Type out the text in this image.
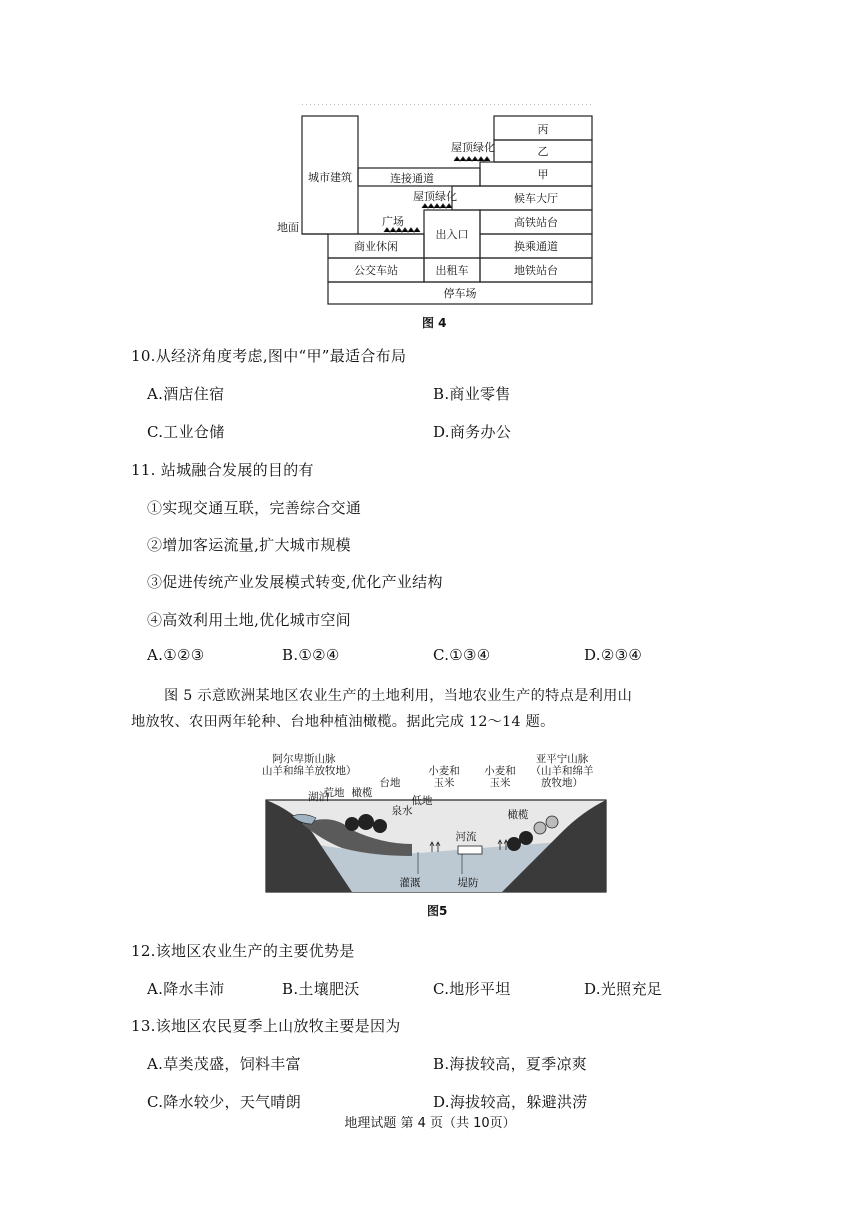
丙
乙
甲
城市建筑	连接通道
屋顶绿化
屋顶绿化	候车大厅
地面	广场	高铁站台
出入口
商业休闲	换乘通道
公交车站	出租车	地铁站台
停车场
图 4
10.从经济角度考虑,图中“甲”最适合布局
A.酒店住宿	B.商业零售
C.工业仓储	D.商务办公
11. 站城融合发展的目的有
①实现交通互联，完善综合交通
②增加客运流量,扩大城市规模
③促进传统产业发展模式转变,优化产业结构
④高效利用土地,优化城市空间
A.①②③	B.①②④	C.①③④	D.②③④
图 5 示意欧洲某地区农业生产的土地利用，当地农业生产的特点是利用山
地放牧、农田两年轮种、台地种植油橄榄。据此完成 12～14 题。
阿尔卑斯山脉
（山羊和绵羊放牧地）
亚平宁山脉
（山羊和绵羊
放牧地）
湖泊
荒地 橄榄
台地
泉水
低地
小麦和
玉米
小麦和
玉米
河流
橄榄
灌溉	堤防
图5
12.该地区农业生产的主要优势是
A.降水丰沛	B.土壤肥沃	C.地形平坦	D.光照充足
13.该地区农民夏季上山放牧主要是因为
A.草类茂盛，饲料丰富	B.海拔较高，夏季凉爽
C.降水较少，天气晴朗	D.海拔较高，躲避洪涝
地理试题 第 4 页（共 10页）
